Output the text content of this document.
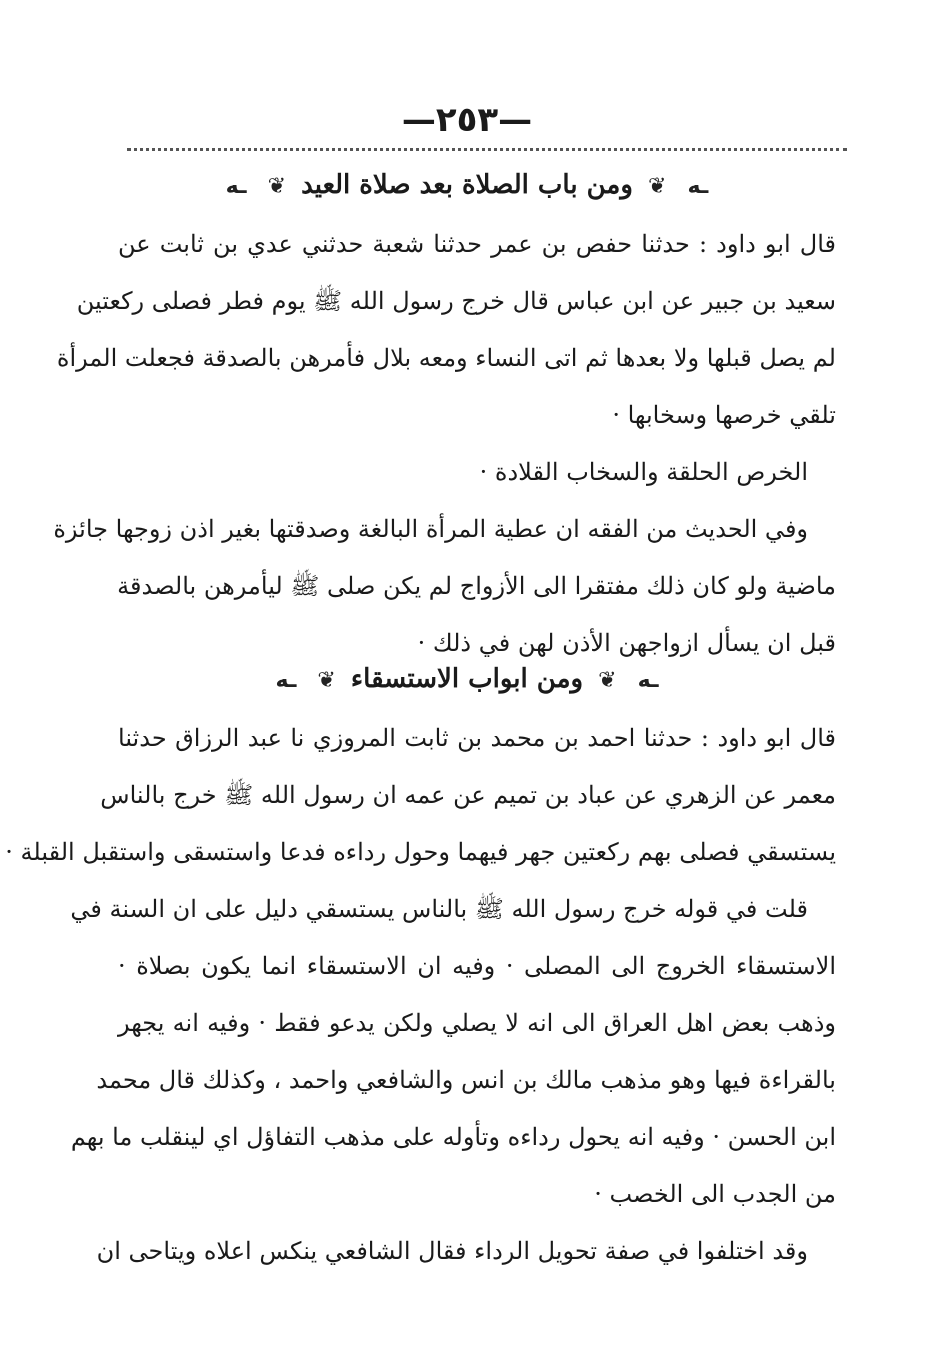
—٢٥٣—
ـه ❦ ومن باب الصلاة بعد صلاة العيد ❦ ـه
قال ابو داود : حدثنا حفص بن عمر حدثنا شعبة حدثني عدي بن ثابت عن
سعيد بن جبير عن ابن عباس قال خرج رسول الله ﷺ يوم فطر فصلى ركعتين
لم يصل قبلها ولا بعدها ثم اتى النساء ومعه بلال فأمرهن بالصدقة فجعلت المرأة
تلقي خرصها وسخابها ·
الخرص الحلقة والسخاب القلادة ·
وفي الحديث من الفقه ان عطية المرأة البالغة وصدقتها بغير اذن زوجها جائزة
ماضية ولو كان ذلك مفتقرا الى الأزواج لم يكن صلى ﷺ ليأمرهن بالصدقة
قبل ان يسأل ازواجهن الأذن لهن في ذلك ·
ـه ❦ ومن ابواب الاستسقاء ❦ ـه
قال ابو داود : حدثنا احمد بن محمد بن ثابت المروزي نا عبد الرزاق حدثنا
معمر عن الزهري عن عباد بن تميم عن عمه ان رسول الله ﷺ خرج بالناس
يستسقي فصلى بهم ركعتين جهر فيهما وحول رداءه فدعا واستسقى واستقبل القبلة ·
قلت في قوله خرج رسول الله ﷺ بالناس يستسقي دليل على ان السنة في
الاستسقاء الخروج الى المصلى · وفيه ان الاستسقاء انما يكون بصلاة ·
وذهب بعض اهل العراق الى انه لا يصلي ولكن يدعو فقط · وفيه انه يجهر
بالقراءة فيها وهو مذهب مالك بن انس والشافعي واحمد ، وكذلك قال محمد
ابن الحسن · وفيه انه يحول رداءه وتأوله على مذهب التفاؤل اي لينقلب ما بهم
من الجدب الى الخصب ·
وقد اختلفوا في صفة تحويل الرداء فقال الشافعي ينكس اعلاه ويتاحى ان
